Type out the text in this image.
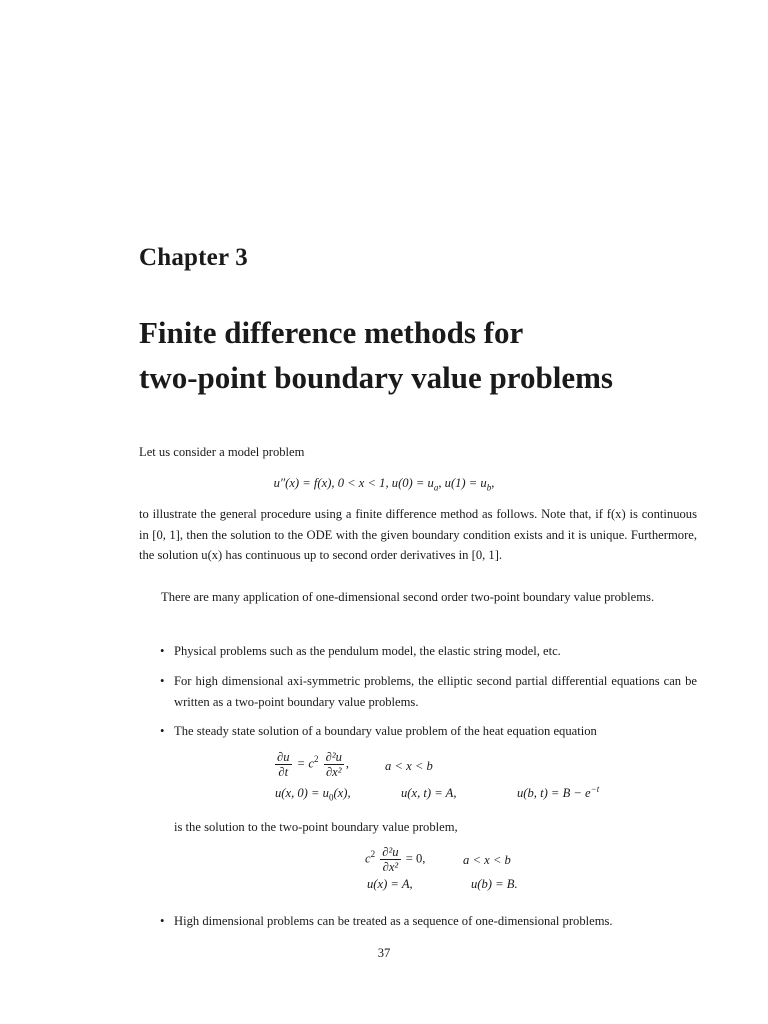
Chapter 3
Finite difference methods for
two-point boundary value problems
Let us consider a model problem
u″(x) = f(x), 0 < x < 1, $u(0) = u_a$, $u(1) = u_b$,
to illustrate the general procedure using a finite difference method as follows. Note that, if f(x) is continuous in [0, 1], then the solution to the ODE with the given boundary condition exists and it is unique. Furthermore, the solution u(x) has continuous up to second order derivatives in [0, 1].
There are many application of one-dimensional second order two-point boundary value problems.
• Physical problems such as the pendulum model, the elastic string model, etc.
• For high dimensional axi-symmetric problems, the elliptic second partial differential equations can be written as a two-point boundary value problems.
• The steady state solution of a boundary value problem of the heat equation equation
$\frac{\partial u}{\partial t} = c^2 \frac{\text{∂²u}}{\text{∂x²}}$ ,	a < x < b
u(x, $0) = u_0(x)$,	u(x, t) = A,	u(b, $t) = B - e^{-t}$
is the solution to the two-point boundary value problem,
$c^2 \frac{\text{∂²u}}{\text{∂x²}} = 0$,	a < x < b
u(x) = A,	u(b) = B.
• High dimensional problems can be treated as a sequence of one-dimensional problems.
37
